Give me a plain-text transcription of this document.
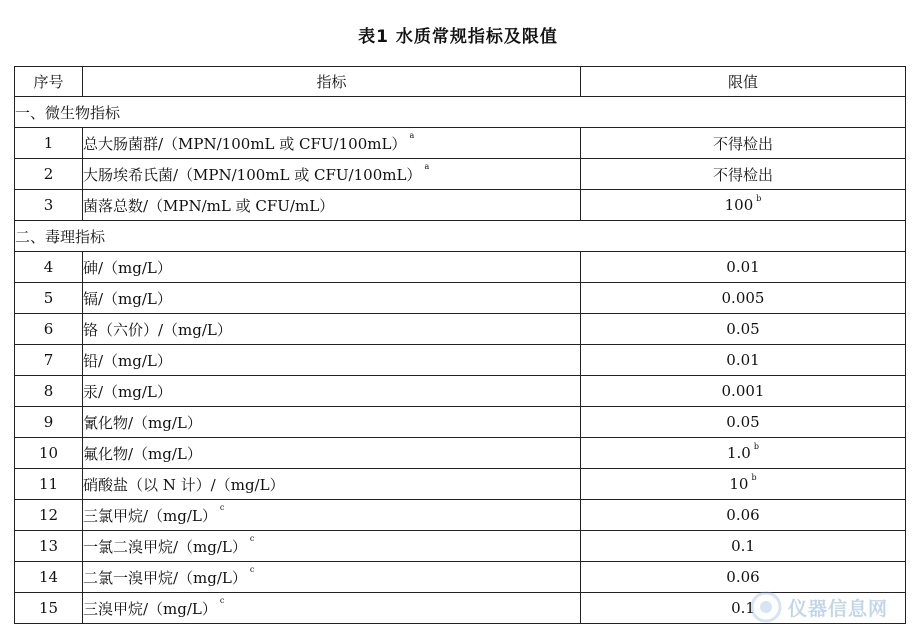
表1 水质常规指标及限值
序号	指标	限值
一、微生物指标		
1	总大肠菌群/（MPN/100mL 或 CFU/100mL） $^a$	不得检出
2	大肠埃希氏菌/（MPN/100mL 或 CFU/100mL） $^a$	不得检出
3	菌落总数/（MPN/mL 或 CFU/mL）	100 $^b$
二、毒理指标		
4	砷/（mg/L）	0.01
5	镉/（mg/L）	0.005
6	铬（六价）/（mg/L）	0.05
7	铅/（mg/L）	0.01
8	汞/（mg/L）	0.001
9	氰化物/（mg/L）	0.05
10	氟化物/（mg/L）	1.0 $^b$
11	硝酸盐（以 N 计）/（mg/L）	10 $^b$
12	三氯甲烷/（mg/L） $^c$	0.06
13	一氯二溴甲烷/（mg/L） $^c$	0.1
14	二氯一溴甲烷/（mg/L） $^c$	0.06
15	三溴甲烷/（mg/L） $^c$	0.1 仪器信息网
